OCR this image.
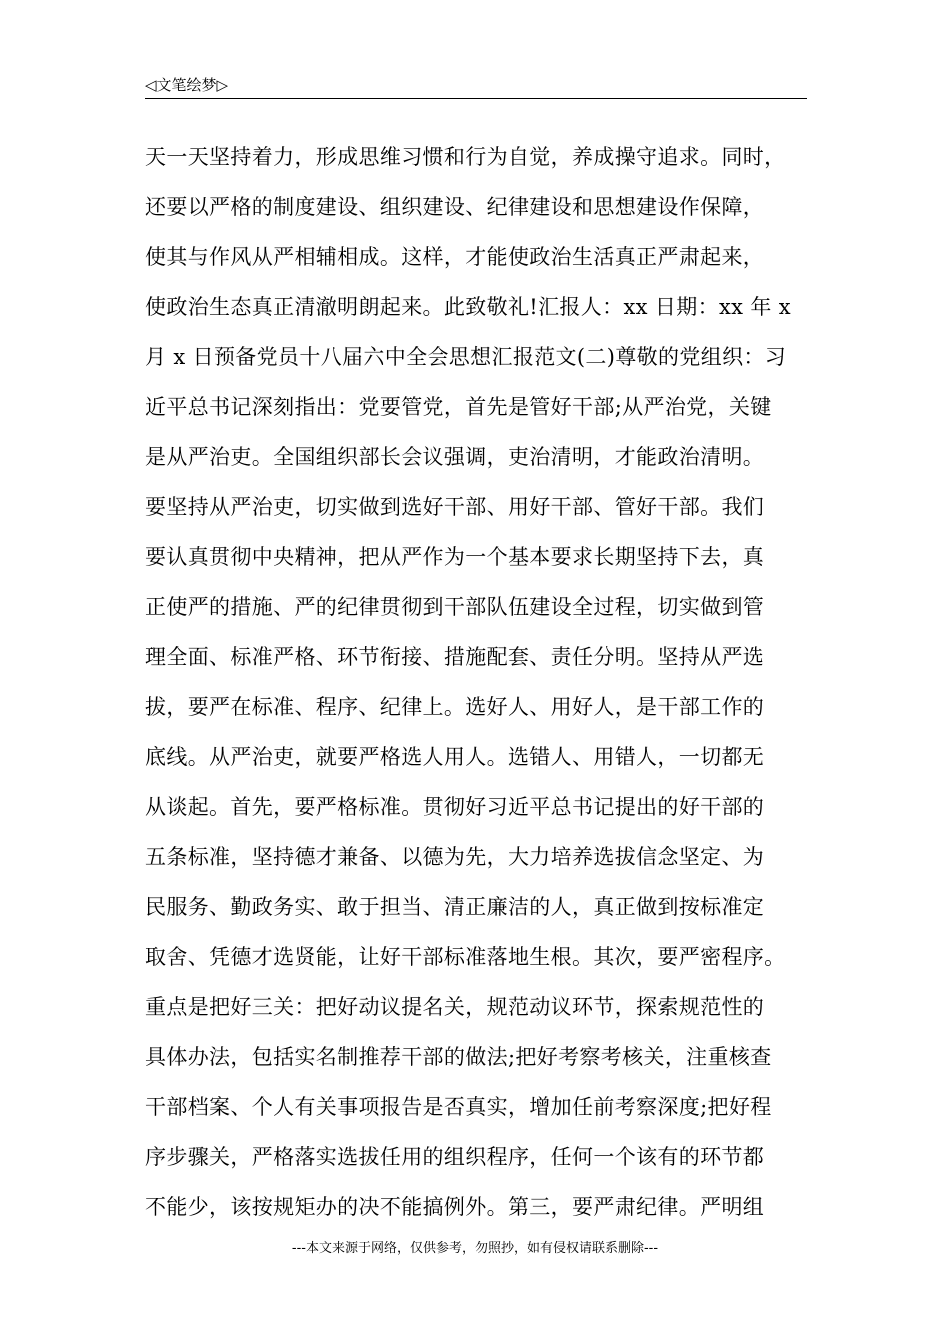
◁文笔绘梦▷
天一天坚持着力，形成思维习惯和行为自觉，养成操守追求。同时，
还要以严格的制度建设、组织建设、纪律建设和思想建设作保障，
使其与作风从严相辅相成。这样，才能使政治生活真正严肃起来，
使政治生态真正清澈明朗起来。此致敬礼!汇报人：xx 日期：xx 年 x
月 x 日预备党员十八届六中全会思想汇报范文(二)尊敬的党组织：习
近平总书记深刻指出：党要管党，首先是管好干部;从严治党，关键
是从严治吏。全国组织部长会议强调，吏治清明，才能政治清明。
要坚持从严治吏，切实做到选好干部、用好干部、管好干部。我们
要认真贯彻中央精神，把从严作为一个基本要求长期坚持下去，真
正使严的措施、严的纪律贯彻到干部队伍建设全过程，切实做到管
理全面、标准严格、环节衔接、措施配套、责任分明。坚持从严选
拔，要严在标准、程序、纪律上。选好人、用好人，是干部工作的
底线。从严治吏，就要严格选人用人。选错人、用错人，一切都无
从谈起。首先，要严格标准。贯彻好习近平总书记提出的好干部的
五条标准，坚持德才兼备、以德为先，大力培养选拔信念坚定、为
民服务、勤政务实、敢于担当、清正廉洁的人，真正做到按标准定
取舍、凭德才选贤能，让好干部标准落地生根。其次，要严密程序。
重点是把好三关：把好动议提名关，规范动议环节，探索规范性的
具体办法，包括实名制推荐干部的做法;把好考察考核关，注重核查
干部档案、个人有关事项报告是否真实，增加任前考察深度;把好程
序步骤关，严格落实选拔任用的组织程序，任何一个该有的环节都
不能少，该按规矩办的决不能搞例外。第三，要严肃纪律。严明组
---本文来源于网络，仅供参考，勿照抄，如有侵权请联系删除---
